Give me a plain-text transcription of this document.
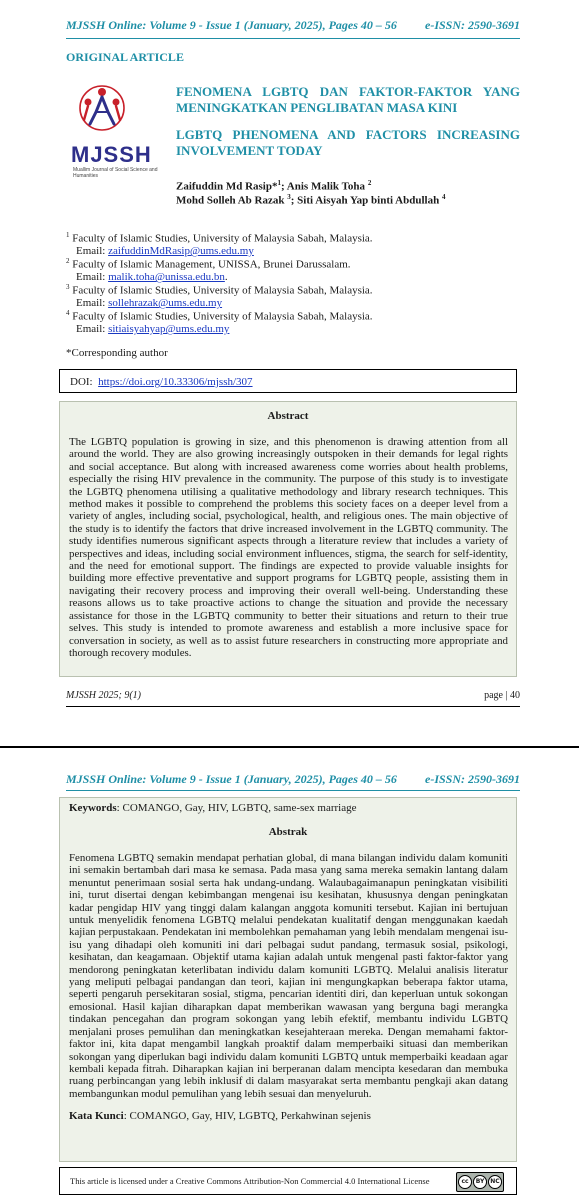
MJSSH Online: Volume 9 - Issue 1 (January, 2025), Pages 40 – 56 e-ISSN: 2590-3691
ORIGINAL ARTICLE
MJSSH
Muallim Journal of Social Science and Humanities
FENOMENA LGBTQ DAN FAKTOR-FAKTOR YANG MENINGKATKAN PENGLIBATAN MASA KINI
LGBTQ PHENOMENA AND FACTORS INCREASING INVOLVEMENT TODAY
Zaifuddin Md Rasip*$^1$; Anis Malik Toha $^2$
Mohd Solleh Ab Razak $^3$; Siti Aisyah Yap binti Abdullah $^4$
$^1$ Faculty of Islamic Studies, University of Malaysia Sabah, Malaysia.
Email: zaifuddinMdRasip@ums.edu.my
$^2$ Faculty of Islamic Management, UNISSA, Brunei Darussalam.
Email: malik.toha@unissa.edu.bn.
$^3$ Faculty of Islamic Studies, University of Malaysia Sabah, Malaysia.
Email: sollehrazak@ums.edu.my
$^4$ Faculty of Islamic Studies, University of Malaysia Sabah, Malaysia.
Email: sitiaisyahyap@ums.edu.my
*Corresponding author
DOI: https://doi.org/10.33306/mjssh/307
Abstract
The LGBTQ population is growing in size, and this phenomenon is drawing attention from all around the world. They are also growing increasingly outspoken in their demands for legal rights and social acceptance. But along with increased awareness come worries about health problems, especially the rising HIV prevalence in the community. The purpose of this study is to investigate the LGBTQ phenomena utilising a qualitative methodology and library research techniques. This method makes it possible to comprehend the problems this society faces on a deeper level from a variety of angles, including social, psychological, health, and religious ones. The main objective of the study is to identify the factors that drive increased involvement in the LGBTQ community. The study identifies numerous significant aspects through a literature review that includes a variety of perspectives and ideas, including social environment influences, stigma, the search for self-identity, and the need for emotional support. The findings are expected to provide valuable insights for building more effective preventative and support programs for LGBTQ people, assisting them in navigating their recovery process and improving their overall well-being. Understanding these reasons allows us to take proactive actions to change the situation and provide the necessary assistance for those in the LGBTQ community to better their situations and return to their true selves. This study is intended to promote awareness and establish a more inclusive space for conversation in society, as well as to assist future researchers in constructing more appropriate and thorough recovery modules.
MJSSH 2025; 9(1)	page | 40
MJSSH Online: Volume 9 - Issue 1 (January, 2025), Pages 40 – 56 e-ISSN: 2590-3691
Keywords: COMANGO, Gay, HIV, LGBTQ, same-sex marriage
Abstrak
Fenomena LGBTQ semakin mendapat perhatian global, di mana bilangan individu dalam komuniti ini semakin bertambah dari masa ke semasa. Pada masa yang sama mereka semakin lantang dalam menuntut penerimaan sosial serta hak undang-undang. Walaubagaimanapun peningkatan visibiliti ini, turut disertai dengan kebimbangan mengenai isu kesihatan, khususnya dengan peningkatan kadar pengidap HIV yang tinggi dalam kalangan anggota komuniti tersebut. Kajian ini bertujuan untuk menyelidik fenomena LGBTQ melalui pendekatan kualitatif dengan menggunakan kaedah kajian perpustakaan. Pendekatan ini membolehkan pemahaman yang lebih mendalam mengenai isu-isu yang dihadapi oleh komuniti ini dari pelbagai sudut pandang, termasuk sosial, psikologi, kesihatan, dan keagamaan. Objektif utama kajian adalah untuk mengenal pasti faktor-faktor yang mendorong peningkatan keterlibatan individu dalam komuniti LGBTQ. Melalui analisis literatur yang meliputi pelbagai pandangan dan teori, kajian ini mengungkapkan beberapa faktor utama, seperti pengaruh persekitaran sosial, stigma, pencarian identiti diri, dan keperluan untuk sokongan emosional. Hasil kajian diharapkan dapat memberikan wawasan yang berguna bagi merangka tindakan pencegahan dan program sokongan yang lebih efektif, membantu individu LGBTQ menjalani proses pemulihan dan meningkatkan kesejahteraan mereka. Dengan memahami faktor-faktor ini, kita dapat mengambil langkah proaktif dalam memperbaiki situasi dan memberikan sokongan yang diperlukan bagi individu dalam komuniti LGBTQ untuk memperbaiki keadaan agar kembali kepada fitrah. Diharapkan kajian ini berperanan dalam mencipta kesedaran dan membuka ruang perbincangan yang lebih inklusif di dalam masyarakat serta membantu pengkaji akan datang membangunkan modul pemulihan yang lebih sesuai dan menyeluruh.
Kata Kunci: COMANGO, Gay, HIV, LGBTQ, Perkahwinan sejenis
This article is licensed under a Creative Commons Attribution-Non Commercial 4.0 International License	cc	BY NC
